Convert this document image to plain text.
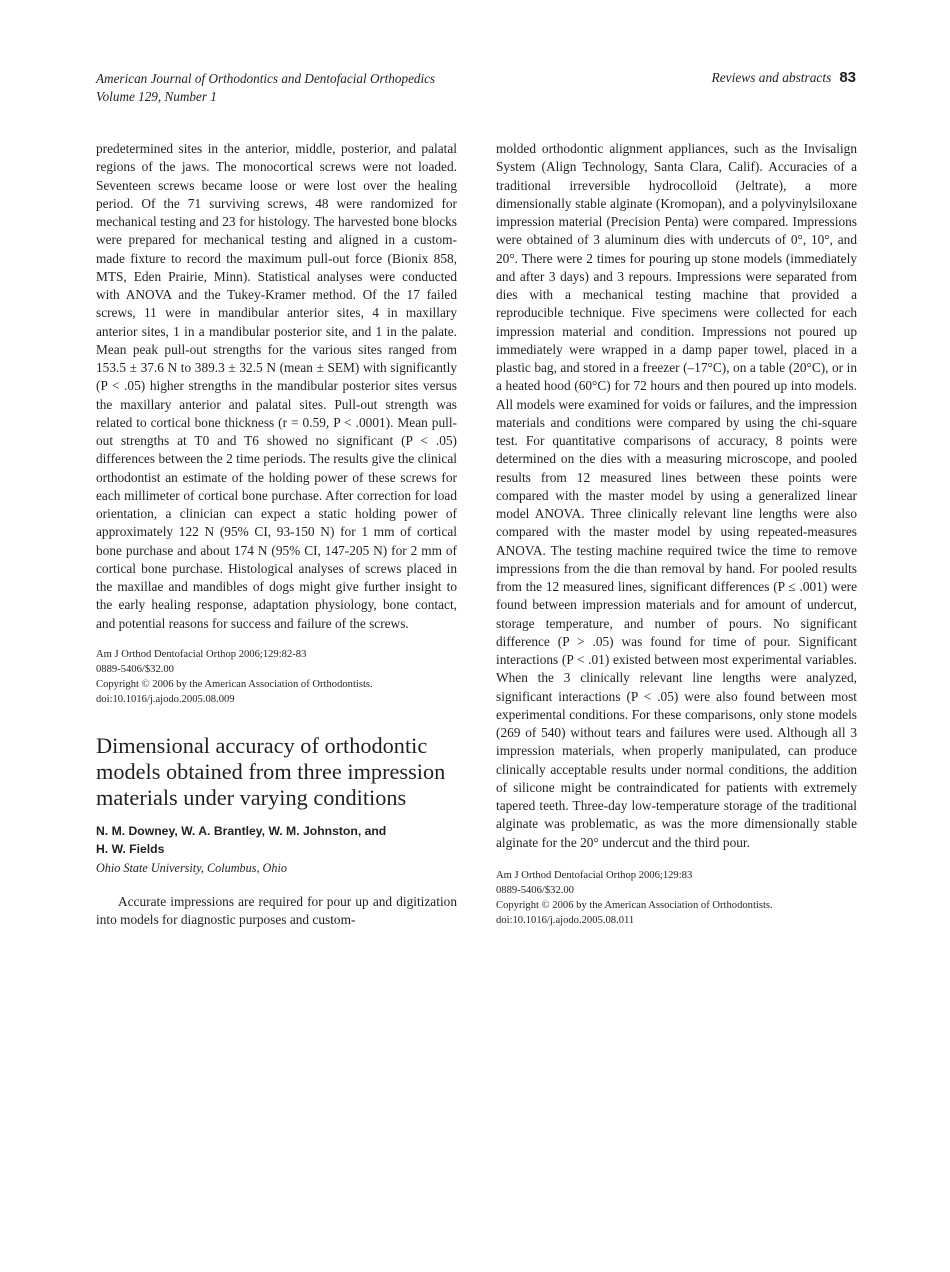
American Journal of Orthodontics and Dentofacial Orthopedics
Volume 129, Number 1
Reviews and abstracts 83
predetermined sites in the anterior, middle, posterior, and palatal regions of the jaws. The monocortical screws were not loaded. Seventeen screws became loose or were lost over the healing period. Of the 71 surviving screws, 48 were randomized for mechanical testing and 23 for histology. The harvested bone blocks were prepared for mechanical testing and aligned in a custom-made fixture to record the maximum pull-out force (Bionix 858, MTS, Eden Prairie, Minn). Statistical analyses were conducted with ANOVA and the Tukey-Kramer method. Of the 17 failed screws, 11 were in mandibular anterior sites, 4 in maxillary anterior sites, 1 in a mandibular posterior site, and 1 in the palate. Mean peak pull-out strengths for the various sites ranged from 153.5 ± 37.6 N to 389.3 ± 32.5 N (mean ± SEM) with significantly (P < .05) higher strengths in the mandibular posterior sites versus the maxillary anterior and palatal sites. Pull-out strength was related to cortical bone thickness (r = 0.59, P < .0001). Mean pull-out strengths at T0 and T6 showed no significant (P < .05) differences between the 2 time periods. The results give the clinical orthodontist an estimate of the holding power of these screws for each millimeter of cortical bone purchase. After correction for load orientation, a clinician can expect a static holding power of approximately 122 N (95% CI, 93-150 N) for 1 mm of cortical bone purchase and about 174 N (95% CI, 147-205 N) for 2 mm of cortical bone purchase. Histological analyses of screws placed in the maxillae and mandibles of dogs might give further insight to the early healing response, adaptation physiology, bone contact, and potential reasons for success and failure of the screws.
Am J Orthod Dentofacial Orthop 2006;129:82-83
0889-5406/$32.00
Copyright © 2006 by the American Association of Orthodontists.
doi:10.1016/j.ajodo.2005.08.009
Dimensional accuracy of orthodontic models obtained from three impression materials under varying conditions
N. M. Downey, W. A. Brantley, W. M. Johnston, and
H. W. Fields
Ohio State University, Columbus, Ohio
Accurate impressions are required for pour up and digitization into models for diagnostic purposes and custom-
molded orthodontic alignment appliances, such as the Invisalign System (Align Technology, Santa Clara, Calif). Accuracies of a traditional irreversible hydrocolloid (Jeltrate), a more dimensionally stable alginate (Kromopan), and a polyvinylsiloxane impression material (Precision Penta) were compared. Impressions were obtained of 3 aluminum dies with undercuts of 0°, 10°, and 20°. There were 2 times for pouring up stone models (immediately and after 3 days) and 3 repours. Impressions were separated from dies with a mechanical testing machine that provided a reproducible technique. Five specimens were collected for each impression material and condition. Impressions not poured up immediately were wrapped in a damp paper towel, placed in a plastic bag, and stored in a freezer (–17°C), on a table (20°C), or in a heated hood (60°C) for 72 hours and then poured up into models. All models were examined for voids or failures, and the impression materials and conditions were compared by using the chi-square test. For quantitative comparisons of accuracy, 8 points were determined on the dies with a measuring microscope, and pooled results from 12 measured lines between these points were compared with the master model by using a generalized linear model ANOVA. Three clinically relevant line lengths were also compared with the master model by using repeated-measures ANOVA. The testing machine required twice the time to remove impressions from the die than removal by hand. For pooled results from the 12 measured lines, significant differences (P ≤ .001) were found between impression materials and for amount of undercut, storage temperature, and number of pours. No significant difference (P > .05) was found for time of pour. Significant interactions (P < .01) existed between most experimental variables. When the 3 clinically relevant line lengths were analyzed, significant interactions (P < .05) were also found between most experimental conditions. For these comparisons, only stone models (269 of 540) without tears and failures were used. Although all 3 impression materials, when properly manipulated, can produce clinically acceptable results under normal conditions, the addition of silicone might be contraindicated for patients with extremely tapered teeth. Three-day low-temperature storage of the traditional alginate was problematic, as was the more dimensionally stable alginate for the 20° undercut and the third pour.
Am J Orthod Dentofacial Orthop 2006;129:83
0889-5406/$32.00
Copyright © 2006 by the American Association of Orthodontists.
doi:10.1016/j.ajodo.2005.08.011
